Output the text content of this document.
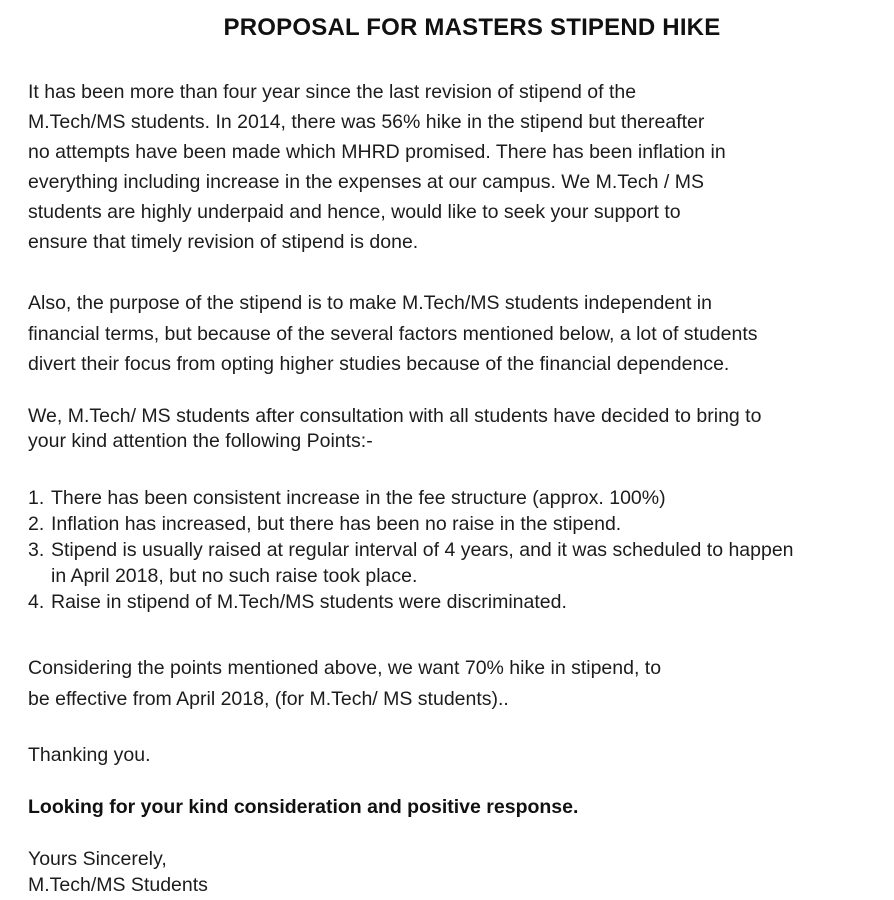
PROPOSAL FOR MASTERS STIPEND HIKE
It has been more than four year since the last revision of stipend of the
M.Tech/MS students. In 2014, there was 56% hike in the stipend but thereafter
no attempts have been made which MHRD promised. There has been inflation in
everything including increase in the expenses at our campus. We M.Tech / MS
students are highly underpaid and hence, would like to seek your support to
ensure that timely revision of stipend is done.
Also, the purpose of the stipend is to make M.Tech/MS students independent in
financial terms, but because of the several factors mentioned below, a lot of students
divert their focus from opting higher studies because of the financial dependence.
We, M.Tech/ MS students after consultation with all students have decided to bring to
your kind attention the following Points:-
1. There has been consistent increase in the fee structure (approx. 100%)
2. Inflation has increased, but there has been no raise in the stipend.
3. Stipend is usually raised at regular interval of 4 years, and it was scheduled to happen
in April 2018, but no such raise took place.
4. Raise in stipend of M.Tech/MS students were discriminated.
Considering the points mentioned above, we want 70% hike in stipend, to
be effective from April 2018, (for M.Tech/ MS students)..
Thanking you.
Looking for your kind consideration and positive response.
Yours Sincerely,
M.Tech/MS Students
